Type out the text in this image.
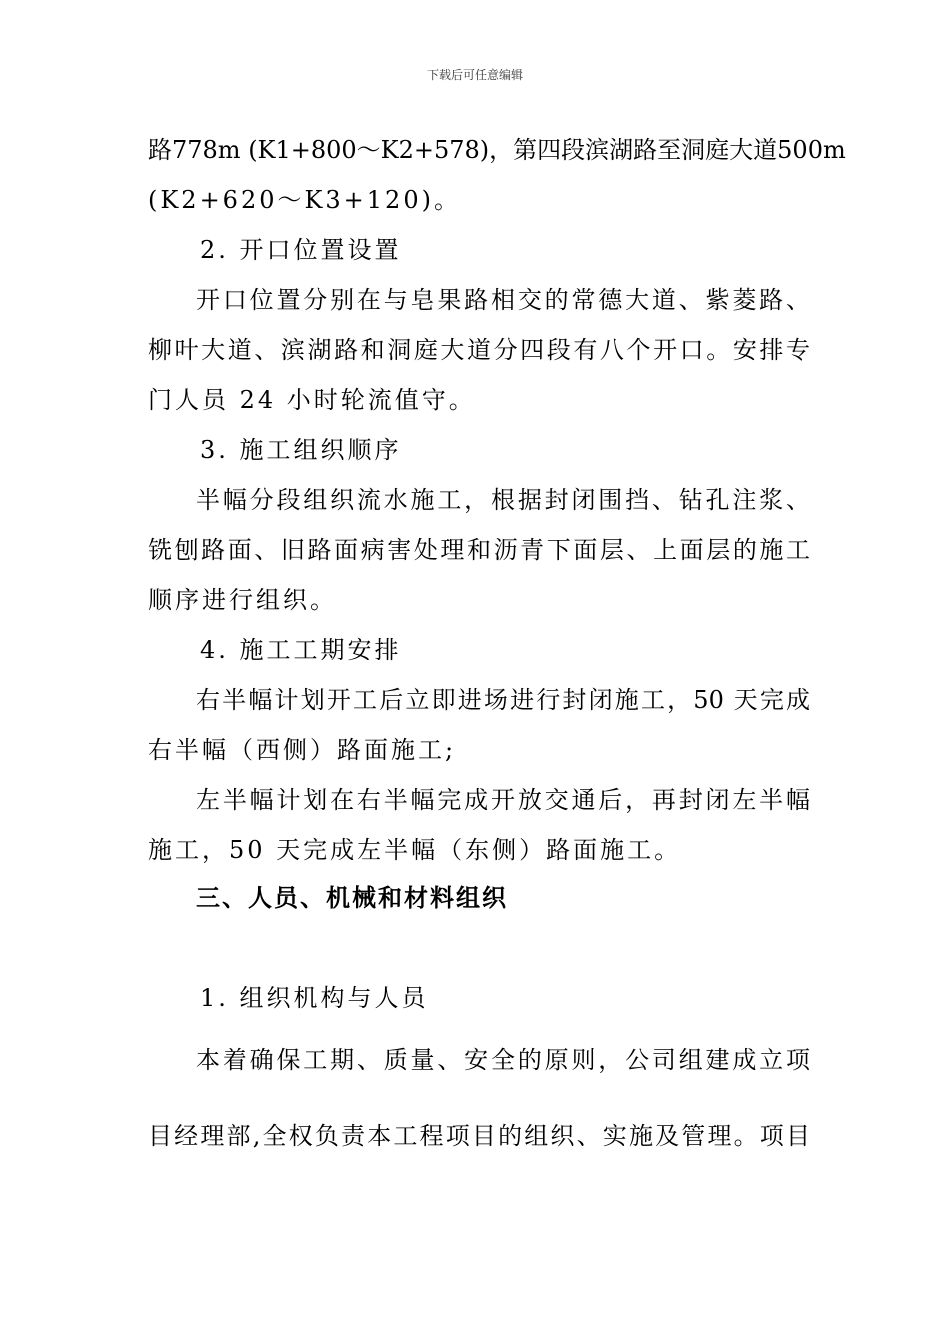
下载后可任意编辑
路778m (K1+800～K2+578)，第四段滨湖路至洞庭大道500m
(K2+620～K3+120)。
2. 开口位置设置
开口位置分别在与皂果路相交的常德大道、紫菱路、
柳叶大道、滨湖路和洞庭大道分四段有八个开口。安排专
门人员 24 小时轮流值守。
3. 施工组织顺序
半幅分段组织流水施工，根据封闭围挡、钻孔注浆、
铣刨路面、旧路面病害处理和沥青下面层、上面层的施工
顺序进行组织。
4. 施工工期安排
右半幅计划开工后立即进场进行封闭施工，50 天完成
右半幅（西侧）路面施工;
左半幅计划在右半幅完成开放交通后，再封闭左半幅
施工，50 天完成左半幅（东侧）路面施工。
三、人员、机械和材料组织
1. 组织机构与人员
本着确保工期、质量、安全的原则，公司组建成立项
目经理部,全权负责本工程项目的组织、实施及管理。项目
